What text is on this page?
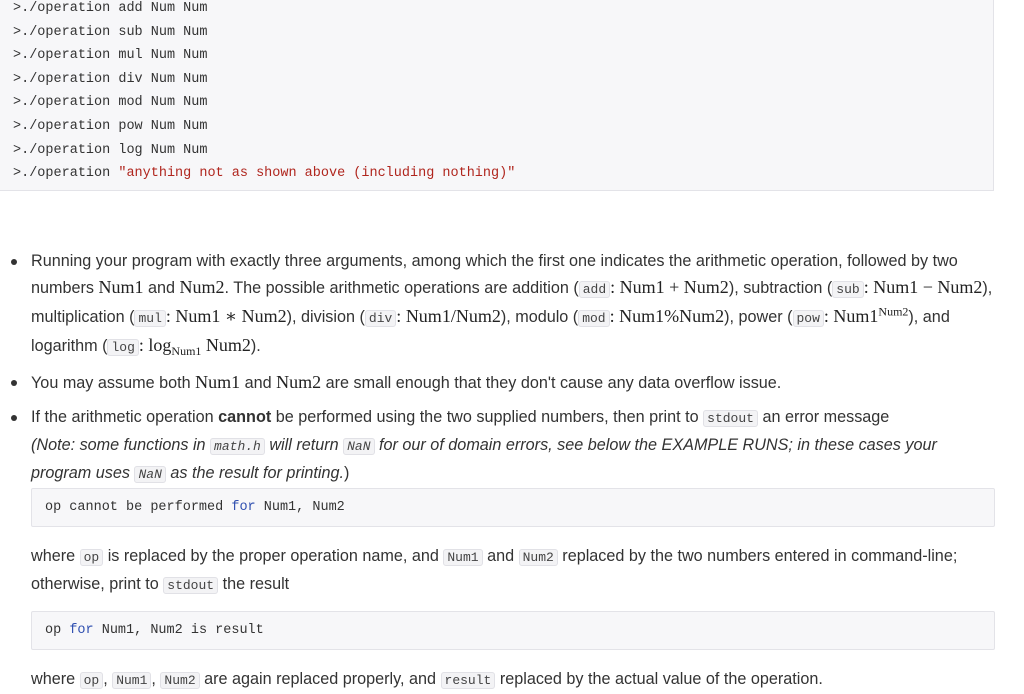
>./operation add Num Num
>./operation sub Num Num
>./operation mul Num Num
>./operation div Num Num
>./operation mod Num Num
>./operation pow Num Num
>./operation log Num Num
>./operation "anything not as shown above (including nothing)"
Running your program with exactly three arguments, among which the first one indicates the arithmetic operation, followed by two numbers Num1 and Num2. The possible arithmetic operations are addition ( add : Num1 + Num2), subtraction ( sub : Num1 − Num2), multiplication ( mul : Num1 ∗ Num2), division ( div : Num1/Num2), modulo ( mod : Num1%Num2), power ( pow : $Num1^{Num2}$), and logarithm ( log : $\log_{Num1} Num2$).
You may assume both Num1 and Num2 are small enough that they don't cause any data overflow issue.
If the arithmetic operation cannot be performed using the two supplied numbers, then print to stdout an error message
(Note: some functions in math.h will return NaN for our of domain errors, see below the EXAMPLE RUNS; in these cases your program uses NaN as the result for printing.)
op cannot be performed for Num1, Num2
where op is replaced by the proper operation name, and Num1 and Num2 replaced by the two numbers entered in command-line; otherwise, print to stdout the result
op for Num1, Num2 is result
where op , Num1 , Num2 are again replaced properly, and result replaced by the actual value of the operation.
